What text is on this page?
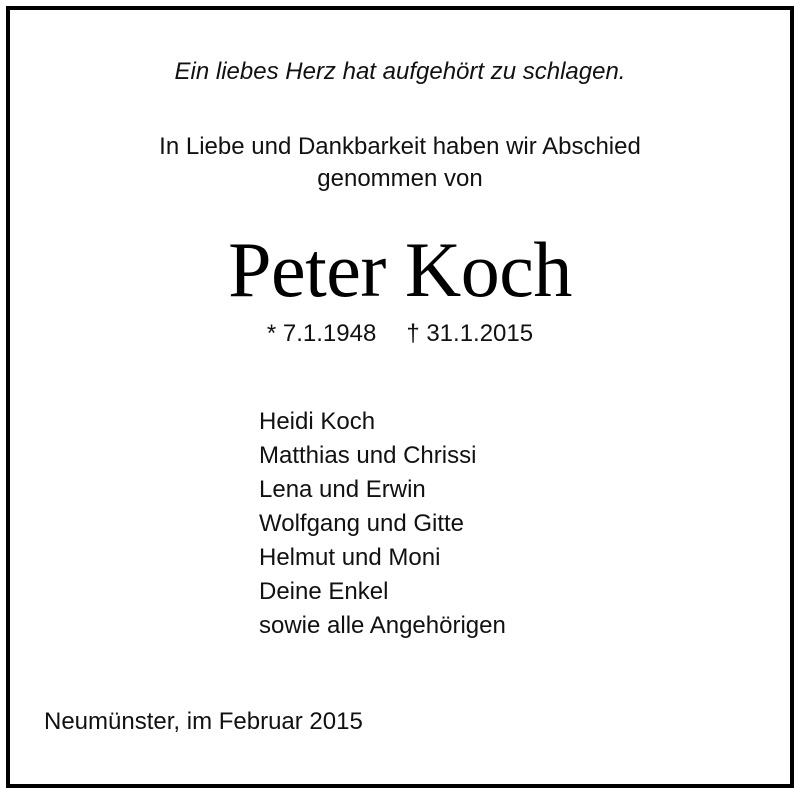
Ein liebes Herz hat aufgehört zu schlagen.
In Liebe und Dankbarkeit haben wir Abschied
genommen von
Peter Koch
* 7.1.1948 † 31.1.2015
Heidi Koch
Matthias und Chrissi
Lena und Erwin
Wolfgang und Gitte
Helmut und Moni
Deine Enkel
sowie alle Angehörigen
Neumünster, im Februar 2015
